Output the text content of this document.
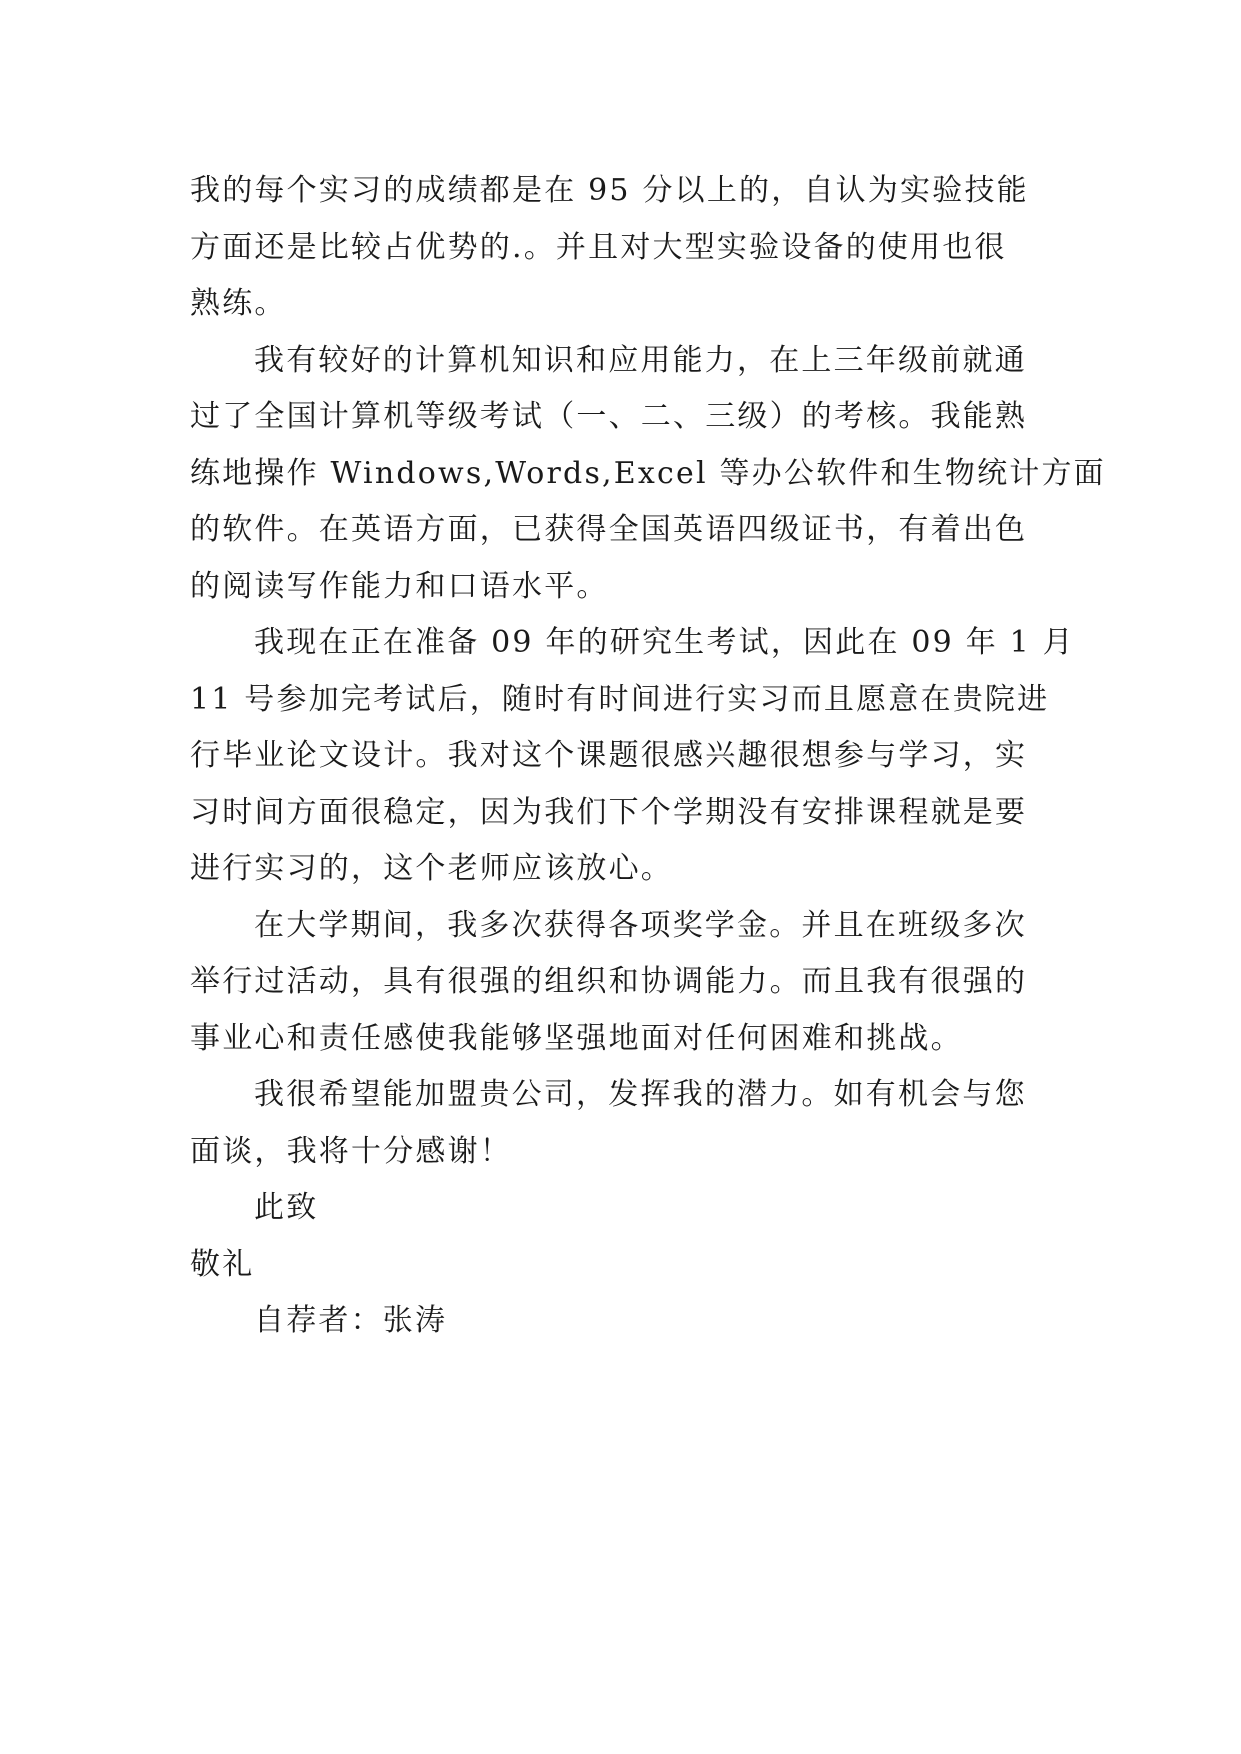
我的每个实习的成绩都是在 95 分以上的，自认为实验技能

方面还是比较占优势的.。并且对大型实验设备的使用也很

熟练。

我有较好的计算机知识和应用能力，在上三年级前就通

过了全国计算机等级考试（一、二、三级）的考核。我能熟

练地操作 Windows,Words,Excel 等办公软件和生物统计方面

的软件。在英语方面，已获得全国英语四级证书，有着出色

的阅读写作能力和口语水平。

我现在正在准备 09 年的研究生考试，因此在 09 年 1 月

11 号参加完考试后，随时有时间进行实习而且愿意在贵院进

行毕业论文设计。我对这个课题很感兴趣很想参与学习，实

习时间方面很稳定，因为我们下个学期没有安排课程就是要

进行实习的，这个老师应该放心。

在大学期间，我多次获得各项奖学金。并且在班级多次

举行过活动，具有很强的组织和协调能力。而且我有很强的

事业心和责任感使我能够坚强地面对任何困难和挑战。

我很希望能加盟贵公司，发挥我的潜力。如有机会与您

面谈，我将十分感谢！

此致

敬礼

自荐者：张涛
